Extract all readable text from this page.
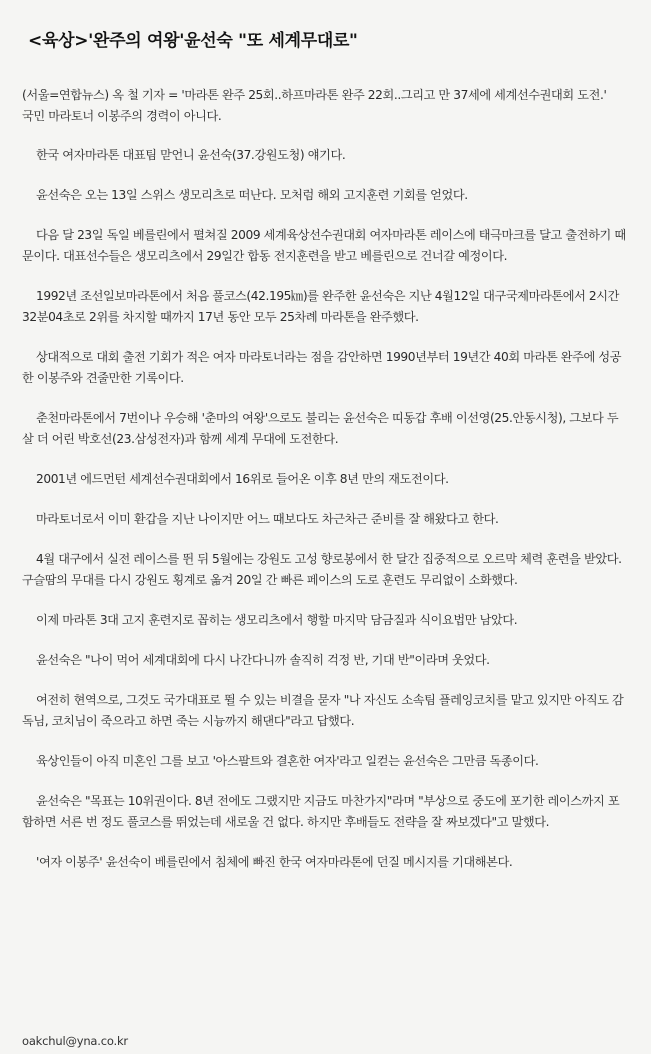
<육상>'완주의 여왕'윤선숙 "또 세계무대로"

(서울=연합뉴스) 옥 철 기자 = '마라톤 완주 25회..하프마라톤 완주 22회..그리고 만 37세에 세계선수권대회 도전.'

국민 마라토너 이봉주의 경력이 아니다.

한국 여자마라톤 대표팀 맏언니 윤선숙(37.강원도청) 얘기다.

윤선숙은 오는 13일 스위스 생모리츠로 떠난다. 모처럼 해외 고지훈련 기회를 얻었다.

다음 달 23일 독일 베를린에서 펼쳐질 2009 세계육상선수권대회 여자마라톤 레이스에 태극마크를 달고 출전하기 때문이다. 대표선수들은 생모리츠에서 29일간 합동 전지훈련을 받고 베를린으로 건너갈 예정이다.

1992년 조선일보마라톤에서 처음 풀코스(42.195㎞)를 완주한 윤선숙은 지난 4월12일 대구국제마라톤에서 2시간32분04초로 2위를 차지할 때까지 17년 동안 모두 25차례 마라톤을 완주했다.

상대적으로 대회 출전 기회가 적은 여자 마라토너라는 점을 감안하면 1990년부터 19년간 40회 마라톤 완주에 성공한 이봉주와 견줄만한 기록이다.

춘천마라톤에서 7번이나 우승해 '춘마의 여왕'으로도 불리는 윤선숙은 띠동갑 후배 이선영(25.안동시청), 그보다 두 살 더 어린 박호선(23.삼성전자)과 함께 세계 무대에 도전한다.

2001년 에드먼턴 세계선수권대회에서 16위로 들어온 이후 8년 만의 재도전이다.

마라토너로서 이미 환갑을 지난 나이지만 어느 때보다도 차근차근 준비를 잘 해왔다고 한다.

4월 대구에서 실전 레이스를 뛴 뒤 5월에는 강원도 고성 향로봉에서 한 달간 집중적으로 오르막 체력 훈련을 받았다. 구슬땀의 무대를 다시 강원도 횡계로 옮겨 20일 간 빠른 페이스의 도로 훈련도 무리없이 소화했다.

이제 마라톤 3대 고지 훈련지로 꼽히는 생모리츠에서 행할 마지막 담금질과 식이요법만 남았다.

윤선숙은 "나이 먹어 세계대회에 다시 나간다니까 솔직히 걱정 반, 기대 반"이라며 웃었다.

여전히 현역으로, 그것도 국가대표로 뛸 수 있는 비결을 묻자 "나 자신도 소속팀 플레잉코치를 맡고 있지만 아직도 감독님, 코치님이 죽으라고 하면 죽는 시늉까지 해댄다"라고 답했다.

육상인들이 아직 미혼인 그를 보고 '아스팔트와 결혼한 여자'라고 일컫는 윤선숙은 그만큼 독종이다.

윤선숙은 "목표는 10위권이다. 8년 전에도 그랬지만 지금도 마찬가지"라며 "부상으로 중도에 포기한 레이스까지 포함하면 서른 번 정도 풀코스를 뛰었는데 새로울 건 없다. 하지만 후배들도 전략을 잘 짜보겠다"고 말했다.

'여자 이봉주' 윤선숙이 베를린에서 침체에 빠진 한국 여자마라톤에 던질 메시지를 기대해본다.

oakchul@yna.co.kr
